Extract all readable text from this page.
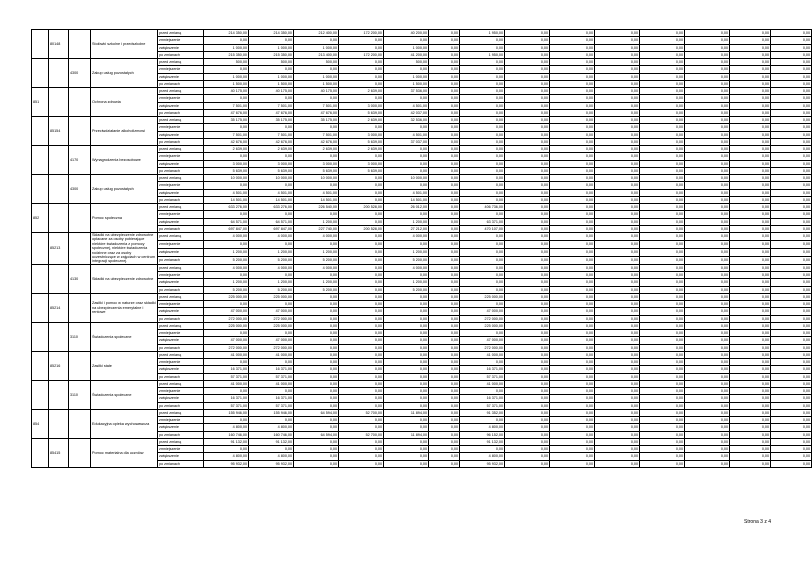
	80148		Stołówki szkolne i przedszkolne	przed zmianą	214 350,00	214 350,00	212 400,00	172 200,00	40 200,00	0,00	1 950,00	0,00	0,00	0,00	0,00	0,00	0,00	0,00
				zmniejszenie	0,00	0,00	0,00	0,00	0,00	0,00	0,00	0,00	0,00	0,00	0,00	0,00	0,00	0,00
				zwiększenie	1 000,00	1 000,00	1 000,00	0,00	1 000,00	0,00	0,00	0,00	0,00	0,00	0,00	0,00	0,00	0,00
				po zmianach	215 350,00	215 350,00	213 400,00	172 200,00	41 200,00	0,00	1 950,00	0,00	0,00	0,00	0,00	0,00	0,00	0,00
		4300	Zakup usług pozostałych	przed zmianą	500,00	500,00	500,00	0,00	500,00	0,00	0,00	0,00	0,00	0,00	0,00	0,00	0,00	0,00
				zmniejszenie	0,00	0,00	0,00	0,00	0,00	0,00	0,00	0,00	0,00	0,00	0,00	0,00	0,00	0,00
				zwiększenie	1 000,00	1 000,00	1 000,00	0,00	1 000,00	0,00	0,00	0,00	0,00	0,00	0,00	0,00	0,00	0,00
				po zmianach	1 500,00	1 500,00	1 500,00	0,00	1 500,00	0,00	0,00	0,00	0,00	0,00	0,00	0,00	0,00	0,00
851			Ochrona zdrowia	przed zmianą	40 175,00	40 175,00	40 175,00	2 639,00	37 536,00	0,00	0,00	0,00	0,00	0,00	0,00	0,00	0,00	0,00
				zmniejszenie	0,00	0,00	0,00	0,00	0,00	0,00	0,00	0,00	0,00	0,00	0,00	0,00	0,00	0,00
				zwiększenie	7 501,00	7 501,00	7 501,00	3 000,00	4 501,00	0,00	0,00	0,00	0,00	0,00	0,00	0,00	0,00	0,00
				po zmianach	47 676,00	47 676,00	47 676,00	5 639,00	42 037,00	0,00	0,00	0,00	0,00	0,00	0,00	0,00	0,00	0,00
	85154		Przeciwdziałanie alkoholizmowi	przed zmianą	35 175,00	35 175,00	35 175,00	2 639,00	32 536,00	0,00	0,00	0,00	0,00	0,00	0,00	0,00	0,00	0,00
				zmniejszenie	0,00	0,00	0,00	0,00	0,00	0,00	0,00	0,00	0,00	0,00	0,00	0,00	0,00	0,00
				zwiększenie	7 501,00	7 501,00	7 501,00	3 000,00	4 501,00	0,00	0,00	0,00	0,00	0,00	0,00	0,00	0,00	0,00
				po zmianach	42 676,00	42 676,00	42 676,00	5 639,00	37 037,00	0,00	0,00	0,00	0,00	0,00	0,00	0,00	0,00	0,00
		4170	Wynagrodzenia bezosobowe	przed zmianą	2 639,00	2 639,00	2 639,00	2 639,00	0,00	0,00	0,00	0,00	0,00	0,00	0,00	0,00	0,00	0,00
				zmniejszenie	0,00	0,00	0,00	0,00	0,00	0,00	0,00	0,00	0,00	0,00	0,00	0,00	0,00	0,00
				zwiększenie	3 000,00	3 000,00	3 000,00	3 000,00	0,00	0,00	0,00	0,00	0,00	0,00	0,00	0,00	0,00	0,00
				po zmianach	5 639,00	5 639,00	5 639,00	5 639,00	0,00	0,00	0,00	0,00	0,00	0,00	0,00	0,00	0,00	0,00
		4300	Zakup usług pozostałych	przed zmianą	10 000,00	10 000,00	10 000,00	0,00	10 000,00	0,00	0,00	0,00	0,00	0,00	0,00	0,00	0,00	0,00
				zmniejszenie	0,00	0,00	0,00	0,00	0,00	0,00	0,00	0,00	0,00	0,00	0,00	0,00	0,00	0,00
				zwiększenie	4 501,00	4 501,00	4 501,00	0,00	4 501,00	0,00	0,00	0,00	0,00	0,00	0,00	0,00	0,00	0,00
				po zmianach	14 501,00	14 501,00	14 501,00	0,00	14 501,00	0,00	0,00	0,00	0,00	0,00	0,00	0,00	0,00	0,00
852			Pomoc społeczna	przed zmianą	633 276,00	633 276,00	226 540,00	200 528,00	26 012,00	0,00	406 736,00	0,00	0,00	0,00	0,00	0,00	0,00	0,00
				zmniejszenie	0,00	0,00	0,00	0,00	0,00	0,00	0,00	0,00	0,00	0,00	0,00	0,00	0,00	0,00
				zwiększenie	64 571,00	64 571,00	1 200,00	0,00	1 200,00	0,00	63 371,00	0,00	0,00	0,00	0,00	0,00	0,00	0,00
				po zmianach	697 847,00	697 847,00	227 740,00	200 528,00	27 212,00	0,00	470 107,00	0,00	0,00	0,00	0,00	0,00	0,00	0,00
	85213		Składki na ubezpieczenie zdrowotne opłacane za osoby pobierające niektóre świadczenia z pomocy społecznej, niektóre świadczenia rodzinne oraz za osoby uczestniczące w zajęciach w centrum integracji społecznej.	przed zmianą	4 000,00	4 000,00	4 000,00	0,00	4 000,00	0,00	0,00	0,00	0,00	0,00	0,00	0,00	0,00	0,00
				zmniejszenie	0,00	0,00	0,00	0,00	0,00	0,00	0,00	0,00	0,00	0,00	0,00	0,00	0,00	0,00
				zwiększenie	1 200,00	1 200,00	1 200,00	0,00	1 200,00	0,00	0,00	0,00	0,00	0,00	0,00	0,00	0,00	0,00
				po zmianach	5 200,00	5 200,00	5 200,00	0,00	5 200,00	0,00	0,00	0,00	0,00	0,00	0,00	0,00	0,00	0,00
		4130	Składki na ubezpieczenie zdrowotne	przed zmianą	4 000,00	4 000,00	4 000,00	0,00	4 000,00	0,00	0,00	0,00	0,00	0,00	0,00	0,00	0,00	0,00
				zmniejszenie	0,00	0,00	0,00	0,00	0,00	0,00	0,00	0,00	0,00	0,00	0,00	0,00	0,00	0,00
				zwiększenie	1 200,00	1 200,00	1 200,00	0,00	1 200,00	0,00	0,00	0,00	0,00	0,00	0,00	0,00	0,00	0,00
				po zmianach	5 200,00	5 200,00	5 200,00	0,00	5 200,00	0,00	0,00	0,00	0,00	0,00	0,00	0,00	0,00	0,00
	85214		Zasiłki i pomoc w naturze oraz składki na ubezpieczenia emerytalne i rentowe	przed zmianą	225 000,00	225 000,00	0,00	0,00	0,00	0,00	225 000,00	0,00	0,00	0,00	0,00	0,00	0,00	0,00
				zmniejszenie	0,00	0,00	0,00	0,00	0,00	0,00	0,00	0,00	0,00	0,00	0,00	0,00	0,00	0,00
				zwiększenie	47 000,00	47 000,00	0,00	0,00	0,00	0,00	47 000,00	0,00	0,00	0,00	0,00	0,00	0,00	0,00
				po zmianach	272 000,00	272 000,00	0,00	0,00	0,00	0,00	272 000,00	0,00	0,00	0,00	0,00	0,00	0,00	0,00
		3110	Świadczenia społeczne	przed zmianą	225 000,00	225 000,00	0,00	0,00	0,00	0,00	225 000,00	0,00	0,00	0,00	0,00	0,00	0,00	0,00
				zmniejszenie	0,00	0,00	0,00	0,00	0,00	0,00	0,00	0,00	0,00	0,00	0,00	0,00	0,00	0,00
				zwiększenie	47 000,00	47 000,00	0,00	0,00	0,00	0,00	47 000,00	0,00	0,00	0,00	0,00	0,00	0,00	0,00
				po zmianach	272 000,00	272 000,00	0,00	0,00	0,00	0,00	272 000,00	0,00	0,00	0,00	0,00	0,00	0,00	0,00
	85216		Zasiłki stałe	przed zmianą	41 000,00	41 000,00	0,00	0,00	0,00	0,00	41 000,00	0,00	0,00	0,00	0,00	0,00	0,00	0,00
				zmniejszenie	0,00	0,00	0,00	0,00	0,00	0,00	0,00	0,00	0,00	0,00	0,00	0,00	0,00	0,00
				zwiększenie	16 371,00	16 371,00	0,00	0,00	0,00	0,00	16 371,00	0,00	0,00	0,00	0,00	0,00	0,00	0,00
				po zmianach	57 371,00	57 371,00	0,00	0,00	0,00	0,00	57 371,00	0,00	0,00	0,00	0,00	0,00	0,00	0,00
		3110	Świadczenia społeczne	przed zmianą	41 000,00	41 000,00	0,00	0,00	0,00	0,00	41 000,00	0,00	0,00	0,00	0,00	0,00	0,00	0,00
				zmniejszenie	0,00	0,00	0,00	0,00	0,00	0,00	0,00	0,00	0,00	0,00	0,00	0,00	0,00	0,00
				zwiększenie	16 371,00	16 371,00	0,00	0,00	0,00	0,00	16 371,00	0,00	0,00	0,00	0,00	0,00	0,00	0,00
				po zmianach	57 371,00	57 371,00	0,00	0,00	0,00	0,00	57 371,00	0,00	0,00	0,00	0,00	0,00	0,00	0,00
854			Edukacyjna opieka wychowawcza	przed zmianą	155 946,00	155 946,00	64 594,00	52 700,00	11 894,00	0,00	91 352,00	0,00	0,00	0,00	0,00	0,00	0,00	0,00
				zmniejszenie	0,00	0,00	0,00	0,00	0,00	0,00	0,00	0,00	0,00	0,00	0,00	0,00	0,00	0,00
				zwiększenie	4 800,00	4 800,00	0,00	0,00	0,00	0,00	4 800,00	0,00	0,00	0,00	0,00	0,00	0,00	0,00
				po zmianach	160 746,00	160 746,00	64 594,00	52 700,00	11 894,00	0,00	96 152,00	0,00	0,00	0,00	0,00	0,00	0,00	0,00
	85415		Pomoc materialna dla uczniów	przed zmianą	91 132,00	91 132,00	0,00	0,00	0,00	0,00	91 132,00	0,00	0,00	0,00	0,00	0,00	0,00	0,00
				zmniejszenie	0,00	0,00	0,00	0,00	0,00	0,00	0,00	0,00	0,00	0,00	0,00	0,00	0,00	0,00
				zwiększenie	4 800,00	4 800,00	0,00	0,00	0,00	0,00	4 800,00	0,00	0,00	0,00	0,00	0,00	0,00	0,00
				po zmianach	95 932,00	95 932,00	0,00	0,00	0,00	0,00	95 932,00	0,00	0,00	0,00	0,00	0,00	0,00	0,00
Strona 3 z 4
